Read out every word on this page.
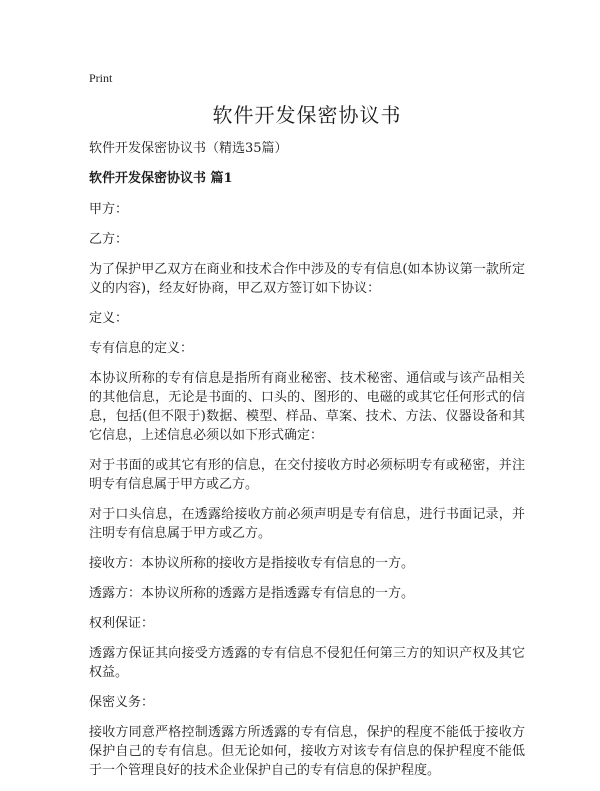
Print
软件开发保密协议书
软件开发保密协议书（精选35篇）
软件开发保密协议书 篇1

甲方：

乙方：

为了保护甲乙双方在商业和技术合作中涉及的专有信息(如本协议第一款所定义的内容)，经友好协商，甲乙双方签订如下协议：

定义：

专有信息的定义：

本协议所称的专有信息是指所有商业秘密、技术秘密、通信或与该产品相关的其他信息，无论是书面的、口头的、图形的、电磁的或其它任何形式的信息，包括(但不限于)数据、模型、样品、草案、技术、方法、仪器设备和其它信息，上述信息必须以如下形式确定：

对于书面的或其它有形的信息，在交付接收方时必须标明专有或秘密，并注明专有信息属于甲方或乙方。

对于口头信息，在透露给接收方前必须声明是专有信息，进行书面记录，并注明专有信息属于甲方或乙方。

接收方：本协议所称的接收方是指接收专有信息的一方。

透露方：本协议所称的透露方是指透露专有信息的一方。

权利保证：

透露方保证其向接受方透露的专有信息不侵犯任何第三方的知识产权及其它权益。

保密义务：

接收方同意严格控制透露方所透露的专有信息，保护的程度不能低于接收方保护自己的专有信息。但无论如何，接收方对该专有信息的保护程度不能低于一个管理良好的技术企业保护自己的专有信息的保护程度。
